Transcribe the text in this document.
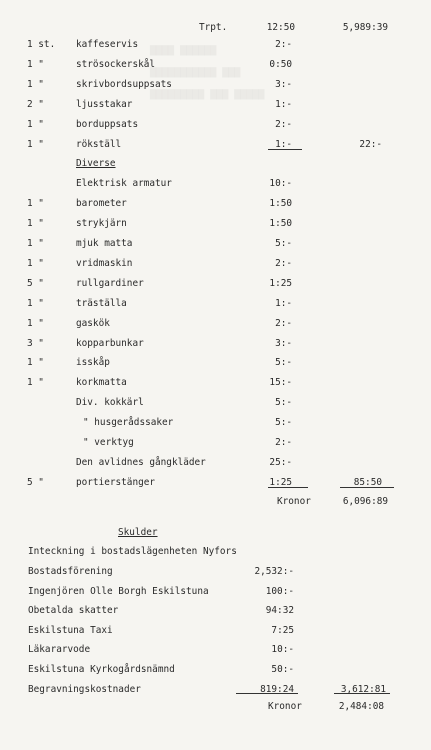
▇▇▇▇ ▇▇▇▇▇▇

▇▇▇▇▇▇▇▇▇▇▇ ▇▇▇

▇▇▇▇▇▇▇▇▇ ▇▇▇ ▇▇▇▇▇
Trpt.	12:50	5,989:39
1 st. kaffeservis	2:-
1 "	strösockerskål	0:50
1 "	skrivbordsuppsats	3:-
2 "	ljusstakar	1:-
1 "	borduppsats	2:-
1 "	rökställ	1:-	22:-
Diverse
Elektrisk armatur	10:-
1 "	barometer	1:50
1 "	strykjärn	1:50
1 "	mjuk matta	5:-
1 "	vridmaskin	2:-
5 "	rullgardiner	1:25
1 "	träställa	1:-
1 "	gaskök	2:-
3 "	kopparbunkar	3:-
1 "	isskåp	5:-
1 "	korkmatta	15:-
Div. kokkärl	5:-
" husgerådssaker	5:-
" verktyg	2:-
Den avlidnes gångkläder	25:-
5 "	portierstänger	1:25	85:50
Kronor	6,096:89
Skulder
Inteckning i bostadslägenheten Nyfors
Bostadsförening	2,532:-
Ingenjören Olle Borgh Eskilstuna	100:-
Obetalda skatter	94:32
Eskilstuna Taxi	7:25
Läkararvode	10:-
Eskilstuna Kyrkogårdsnämnd	50:-
Begravningskostnader	819:24	3,612:81
Kronor	2,484:08
